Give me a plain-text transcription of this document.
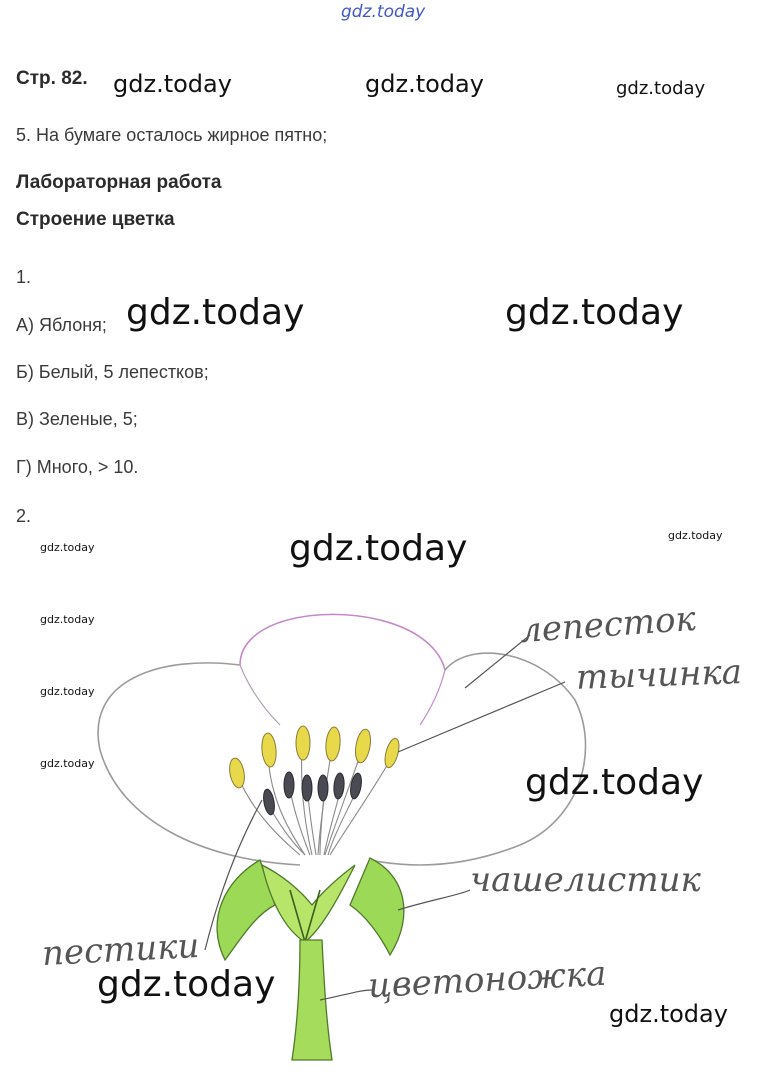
gdz.today
Стр. 82. gdz.today	gdz.today	gdz.today
5. На бумаге осталось жирное пятно;
Лабораторная работа
Строение цветка
1.
А) Яблоня; gdz.today	gdz.today
Б) Белый, 5 лепестков;
В) Зеленые, 5;
Г) Много, > 10.
2.
gdz.today
gdz.today
gdz.today
gdz.today
gdz.today
gdz.today
лепесток
тычинка
чашелистик
пестики
цветоножка
gdz.today
gdz.today
gdz.today
